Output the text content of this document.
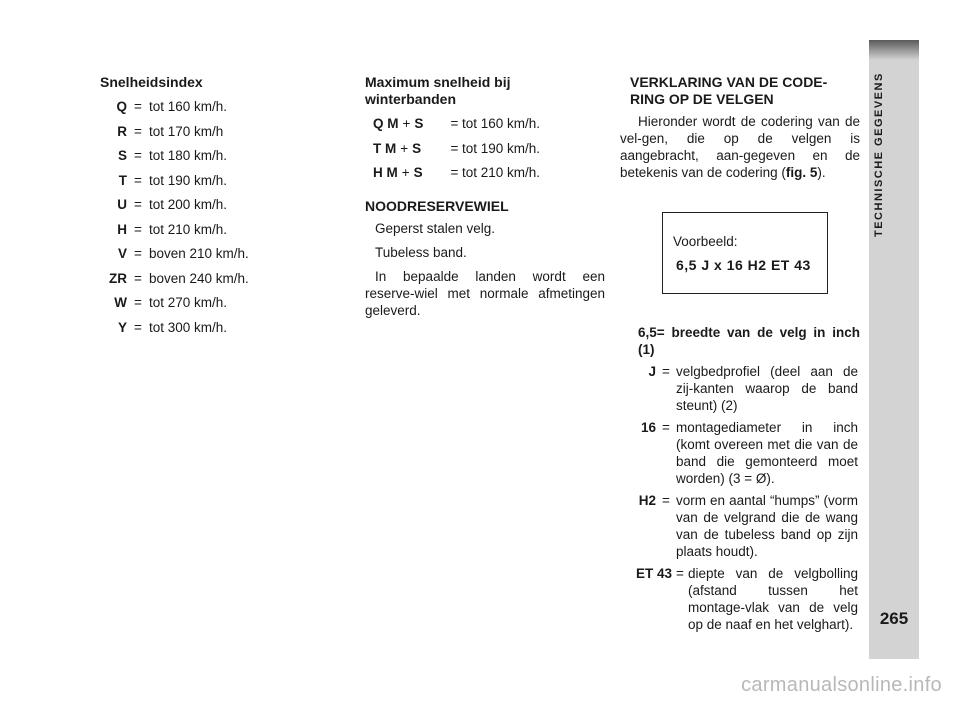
Snelheidsindex
Q = tot 160 km/h.
R = tot 170 km/h
S = tot 180 km/h.
T = tot 190 km/h.
U = tot 200 km/h.
H = tot 210 km/h.
V = boven 210 km/h.
ZR = boven 240 km/h.
W = tot 270 km/h.
Y = tot 300 km/h.
Maximum snelheid bij
winterbanden
Q M + S	= tot 160 km/h.
T M + S	= tot 190 km/h.
H M + S	= tot 210 km/h.
NOODRESERVEWIEL

Geperst stalen velg.

Tubeless band.

In bepaalde landen wordt een reserve-wiel met normale afmetingen geleverd.

VERKLARING VAN DE CODE-
RING OP DE VELGEN

Hieronder wordt de codering van de vel-gen, die op de velgen is aangebracht, aan-gegeven en de betekenis van de codering (fig. 5).

Voorbeeld:
6,5 J x 16 H2 ET 43
6,5= breedte van de velg in inch (1)
J = velgbedprofiel (deel aan de zij-kanten waarop de band steunt) (2)
16 = montagediameter in inch (komt overeen met die van de band die gemonteerd moet worden) (3 = Ø).
H2 = vorm en aantal “humps” (vorm van de velgrand die de wang van de tubeless band op zijn plaats houdt).
ET 43 = diepte van de velgbolling (afstand tussen het montage-vlak van de velg op de naaf en het velghart).
TECHNISCHE GEGEVENS
265
carmanualsonline.info
